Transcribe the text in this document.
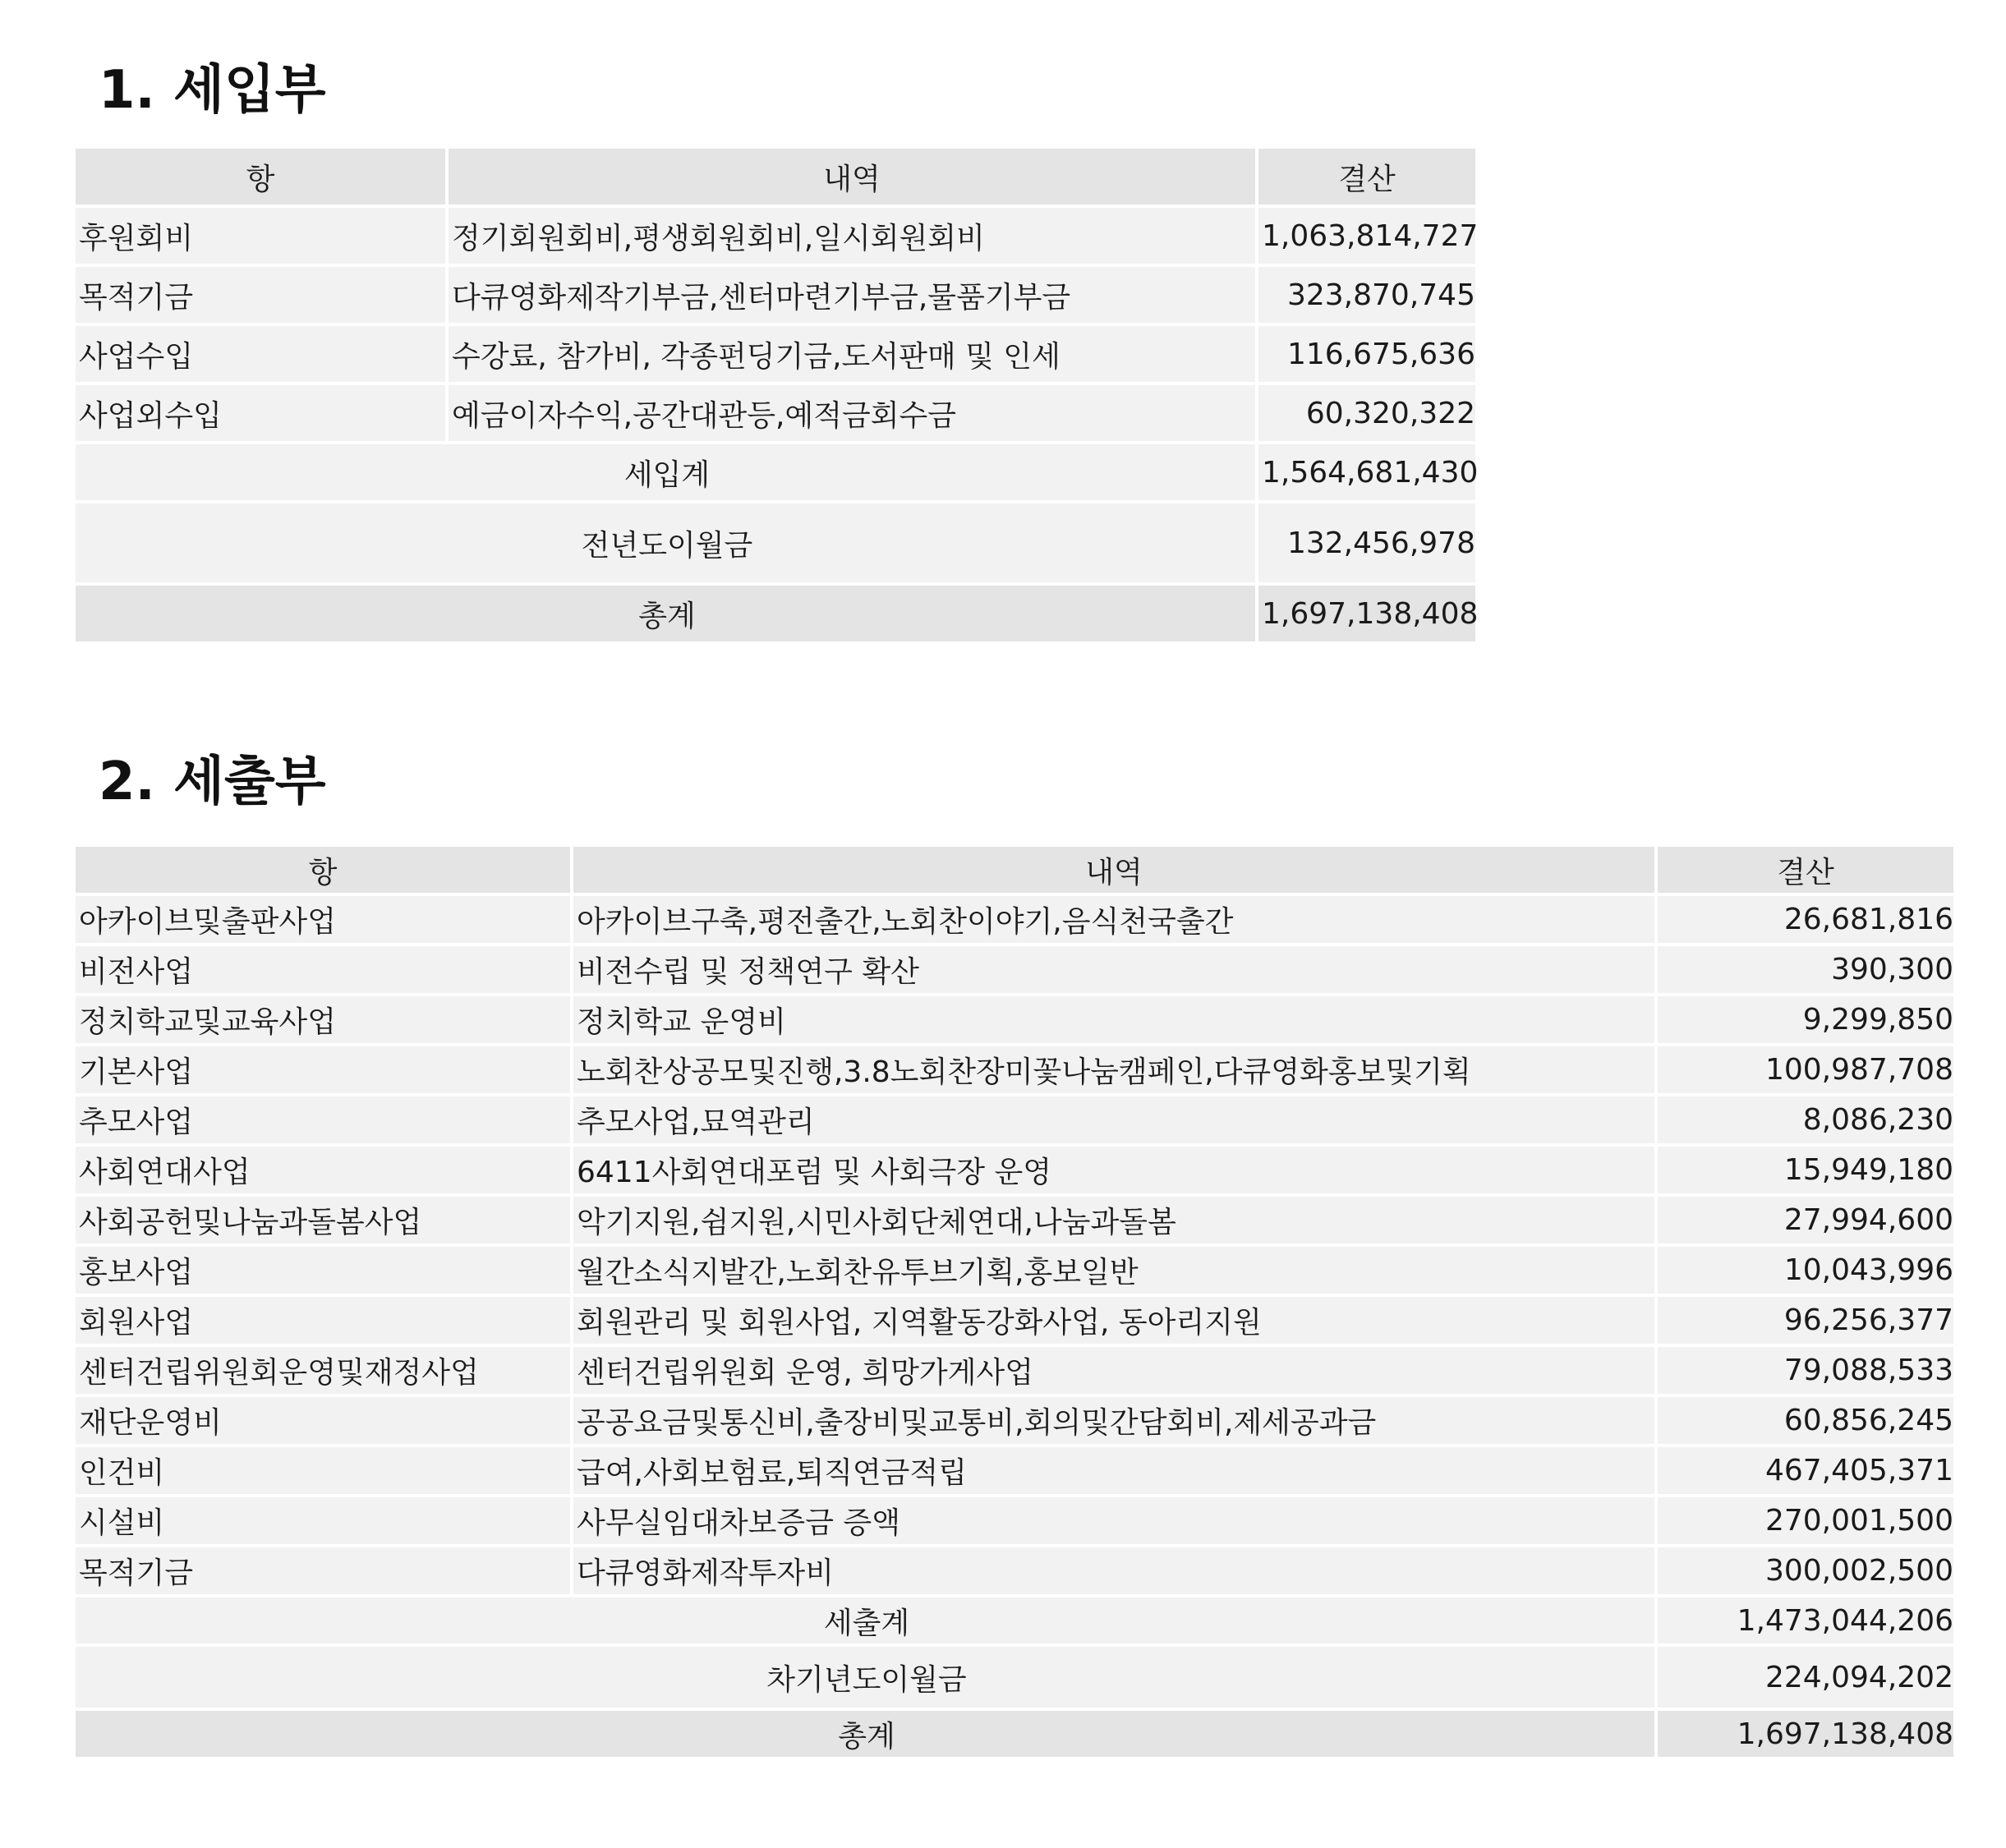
1. 세입부
항	내역	결산
후원회비	정기회원회비,평생회원회비,일시회원회비	1,063,814,727
목적기금	다큐영화제작기부금,센터마련기부금,물품기부금	323,870,745
사업수입	수강료, 참가비, 각종펀딩기금,도서판매 및 인세	116,675,636
사업외수입	예금이자수익,공간대관등,예적금회수금	60,320,322
세입계		1,564,681,430
전년도이월금		132,456,978
총계		1,697,138,408
2. 세출부
항	내역	결산
아카이브및출판사업	아카이브구축,평전출간,노회찬이야기,음식천국출간	26,681,816
비전사업	비전수립 및 정책연구 확산	390,300
정치학교및교육사업	정치학교 운영비	9,299,850
기본사업	노회찬상공모및진행,3.8노회찬장미꽃나눔캠페인,다큐영화홍보및기획	100,987,708
추모사업	추모사업,묘역관리	8,086,230
사회연대사업	6411사회연대포럼 및 사회극장 운영	15,949,180
사회공헌및나눔과돌봄사업	악기지원,쉼지원,시민사회단체연대,나눔과돌봄	27,994,600
홍보사업	월간소식지발간,노회찬유투브기획,홍보일반	10,043,996
회원사업	회원관리 및 회원사업, 지역활동강화사업, 동아리지원	96,256,377
센터건립위원회운영및재정사업	센터건립위원회 운영, 희망가게사업	79,088,533
재단운영비	공공요금및통신비,출장비및교통비,회의및간담회비,제세공과금	60,856,245
인건비	급여,사회보험료,퇴직연금적립	467,405,371
시설비	사무실임대차보증금 증액	270,001,500
목적기금	다큐영화제작투자비	300,002,500
세출계		1,473,044,206
차기년도이월금		224,094,202
총계		1,697,138,408
